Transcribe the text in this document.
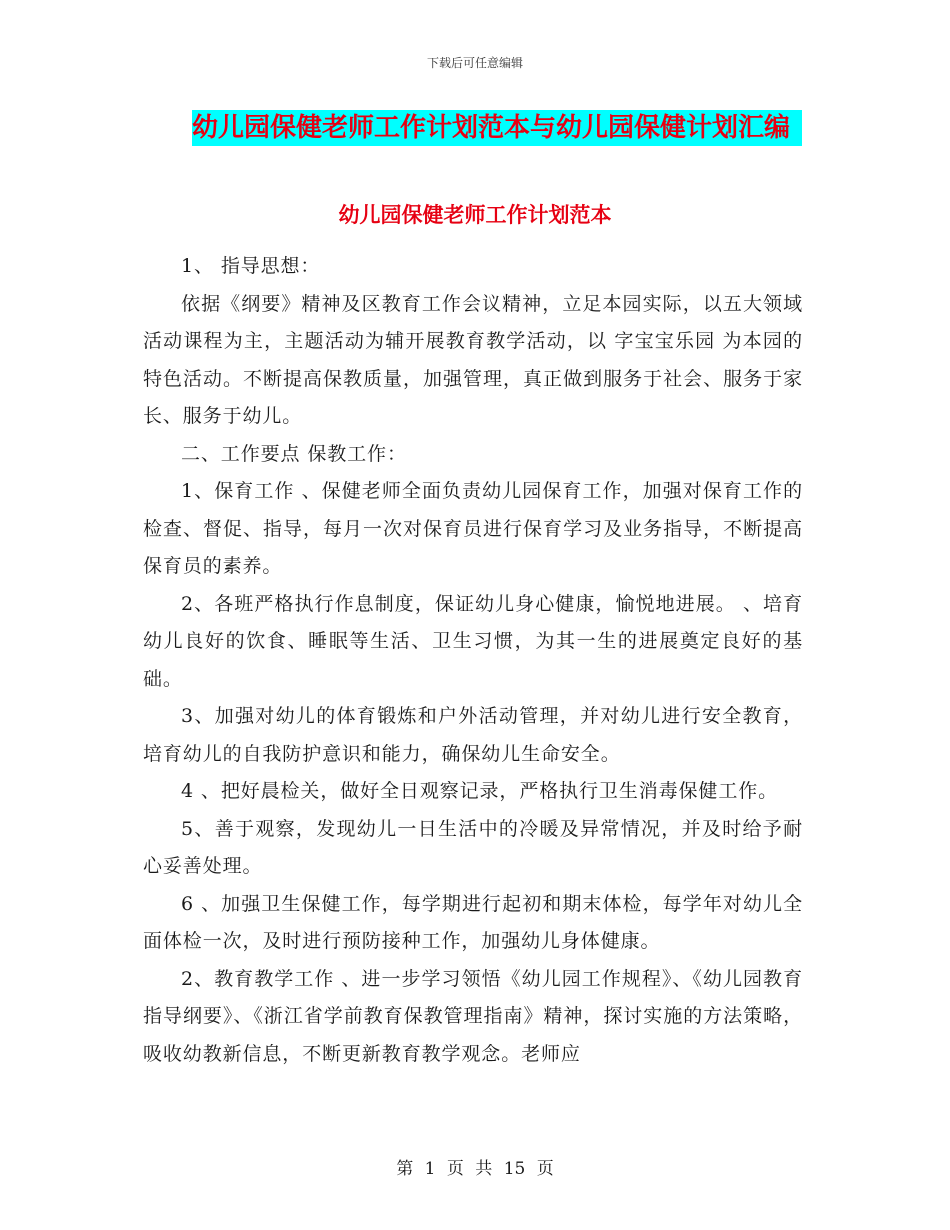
下载后可任意编辑
幼儿园保健老师工作计划范本与幼儿园保健计划汇编
幼儿园保健老师工作计划范本

1、 指导思想：

依据《纲要》精神及区教育工作会议精神，立足本园实际，以五大领域活动课程为主，主题活动为辅开展教育教学活动，以 字宝宝乐园 为本园的特色活动。不断提高保教质量，加强管理，真正做到服务于社会、服务于家长、服务于幼儿。

二、工作要点 保教工作：

1、保育工作 、保健老师全面负责幼儿园保育工作，加强对保育工作的检查、督促、指导，每月一次对保育员进行保育学习及业务指导，不断提高保育员的素养。

2、各班严格执行作息制度，保证幼儿身心健康，愉悦地进展。 、培育幼儿良好的饮食、睡眠等生活、卫生习惯，为其一生的进展奠定良好的基础。

3、加强对幼儿的体育锻炼和户外活动管理，并对幼儿进行安全教育，培育幼儿的自我防护意识和能力，确保幼儿生命安全。

4 、把好晨检关，做好全日观察记录，严格执行卫生消毒保健工作。

5、善于观察，发现幼儿一日生活中的冷暖及异常情况，并及时给予耐心妥善处理。

6 、加强卫生保健工作，每学期进行起初和期末体检，每学年对幼儿全面体检一次，及时进行预防接种工作，加强幼儿身体健康。

2、教育教学工作 、进一步学习领悟《幼儿园工作规程》、《幼儿园教育指导纲要》、《浙江省学前教育保教管理指南》精神，探讨实施的方法策略，吸收幼教新信息，不断更新教育教学观念。老师应

第 1 页 共 15 页
